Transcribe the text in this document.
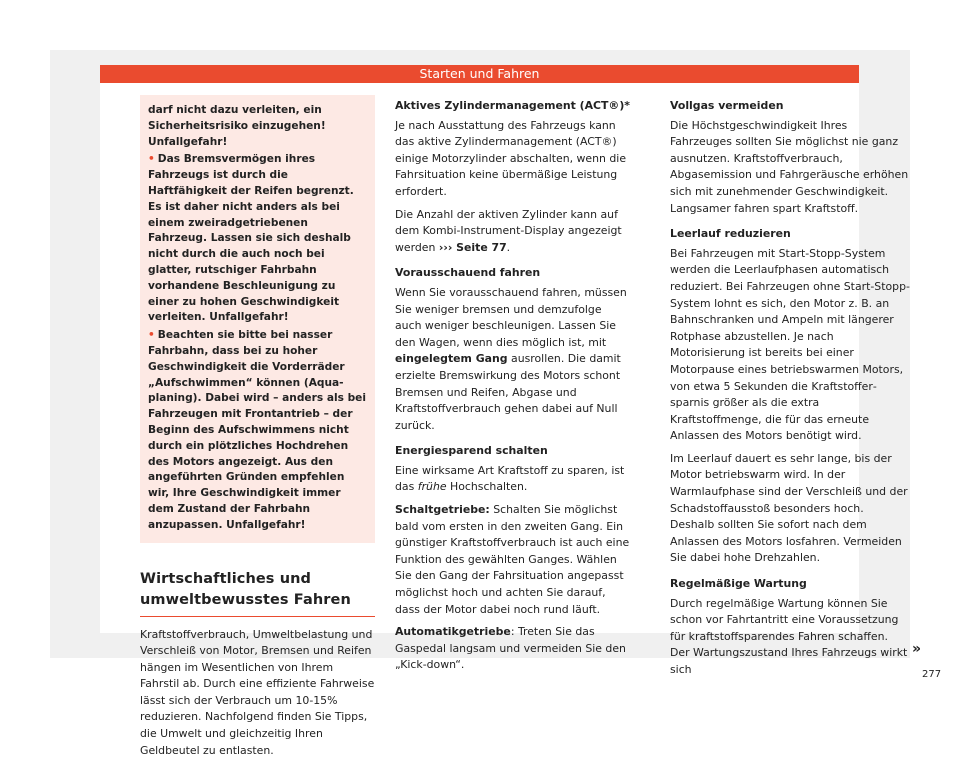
Starten und Fahren

darf nicht dazu verleiten, ein Sicherheitsrisiko einzugehen! Unfallgefahr!

• Das Bremsvermögen ihres Fahrzeugs ist durch die Haftfähigkeit der Reifen begrenzt. Es ist daher nicht anders als bei einem zweiradgetriebenen Fahrzeug. Lassen sie sich deshalb nicht durch die auch noch bei glatter, rutschiger Fahrbahn vorhandene Beschleunigung zu einer zu hohen Geschwindigkeit verleiten. Unfallgefahr!

• Beachten sie bitte bei nasser Fahrbahn, dass bei zu hoher Geschwindigkeit die Vorderräder „Aufschwimmen“ können (Aquaplaning). Dabei wird – anders als bei Fahrzeugen mit Frontantrieb – der Beginn des Aufschwimmens nicht durch ein plötzliches Hochdrehen des Motors angezeigt. Aus den angeführten Gründen empfehlen wir, Ihre Geschwindigkeit immer dem Zustand der Fahrbahn anzupassen. Unfallgefahr!

Wirtschaftliches und umweltbewusstes Fahren

Kraftstoffverbrauch, Umweltbelastung und Verschleiß von Motor, Bremsen und Reifen hängen im Wesentlichen von Ihrem Fahrstil ab. Durch eine effiziente Fahrweise lässt sich der Verbrauch um 10-15% reduzieren. Nachfolgend finden Sie Tipps, die Umwelt und gleichzeitig Ihren Geldbeutel zu entlasten.

Aktives Zylindermanagement (ACT®)*

Je nach Ausstattung des Fahrzeugs kann das aktive Zylindermanagement (ACT®) einige Motorzylinder abschalten, wenn die Fahrsituation keine übermäßige Leistung erfordert.

Die Anzahl der aktiven Zylinder kann auf dem Kombi-Instrument-Display angezeigt werden ››› Seite 77.

Vorausschauend fahren

Wenn Sie vorausschauend fahren, müssen Sie weniger bremsen und demzufolge auch weniger beschleunigen. Lassen Sie den Wagen, wenn dies möglich ist, mit eingelegtem Gang ausrollen. Die damit erzielte Bremswirkung des Motors schont Bremsen und Reifen, Abgase und Kraftstoffverbrauch gehen dabei auf Null zurück.

Energiesparend schalten

Eine wirksame Art Kraftstoff zu sparen, ist das frühe Hochschalten.

Schaltgetriebe: Schalten Sie möglichst bald vom ersten in den zweiten Gang. Ein günstiger Kraftstoffverbrauch ist auch eine Funktion des gewählten Ganges. Wählen Sie den Gang der Fahrsituation angepasst möglichst hoch und achten Sie darauf, dass der Motor dabei noch rund läuft.

Automatikgetriebe: Treten Sie das Gaspedal langsam und vermeiden Sie den „Kick-down“.

Vollgas vermeiden

Die Höchstgeschwindigkeit Ihres Fahrzeuges sollten Sie möglichst nie ganz ausnutzen. Kraftstoffverbrauch, Abgasemission und Fahrgeräusche erhöhen sich mit zunehmender Geschwindigkeit. Langsamer fahren spart Kraftstoff.

Leerlauf reduzieren

Bei Fahrzeugen mit Start-Stopp-System werden die Leerlaufphasen automatisch reduziert. Bei Fahrzeugen ohne Start-Stopp-System lohnt es sich, den Motor z. B. an Bahnschranken und Ampeln mit längerer Rotphase abzustellen. Je nach Motorisierung ist bereits bei einer Motorpause eines betriebswarmen Motors, von etwa 5 Sekunden die Kraftstoffersparnis größer als die extra Kraftstoffmenge, die für das erneute Anlassen des Motors benötigt wird.

Im Leerlauf dauert es sehr lange, bis der Motor betriebswarm wird. In der Warmlaufphase sind der Verschleiß und der Schadstoffausstoß besonders hoch. Deshalb sollten Sie sofort nach dem Anlassen des Motors losfahren. Vermeiden Sie dabei hohe Drehzahlen.

Regelmäßige Wartung

Durch regelmäßige Wartung können Sie schon vor Fahrtantritt eine Voraussetzung für kraftstoffsparendes Fahren schaffen. Der Wartungszustand Ihres Fahrzeugs wirkt sich

»
277
